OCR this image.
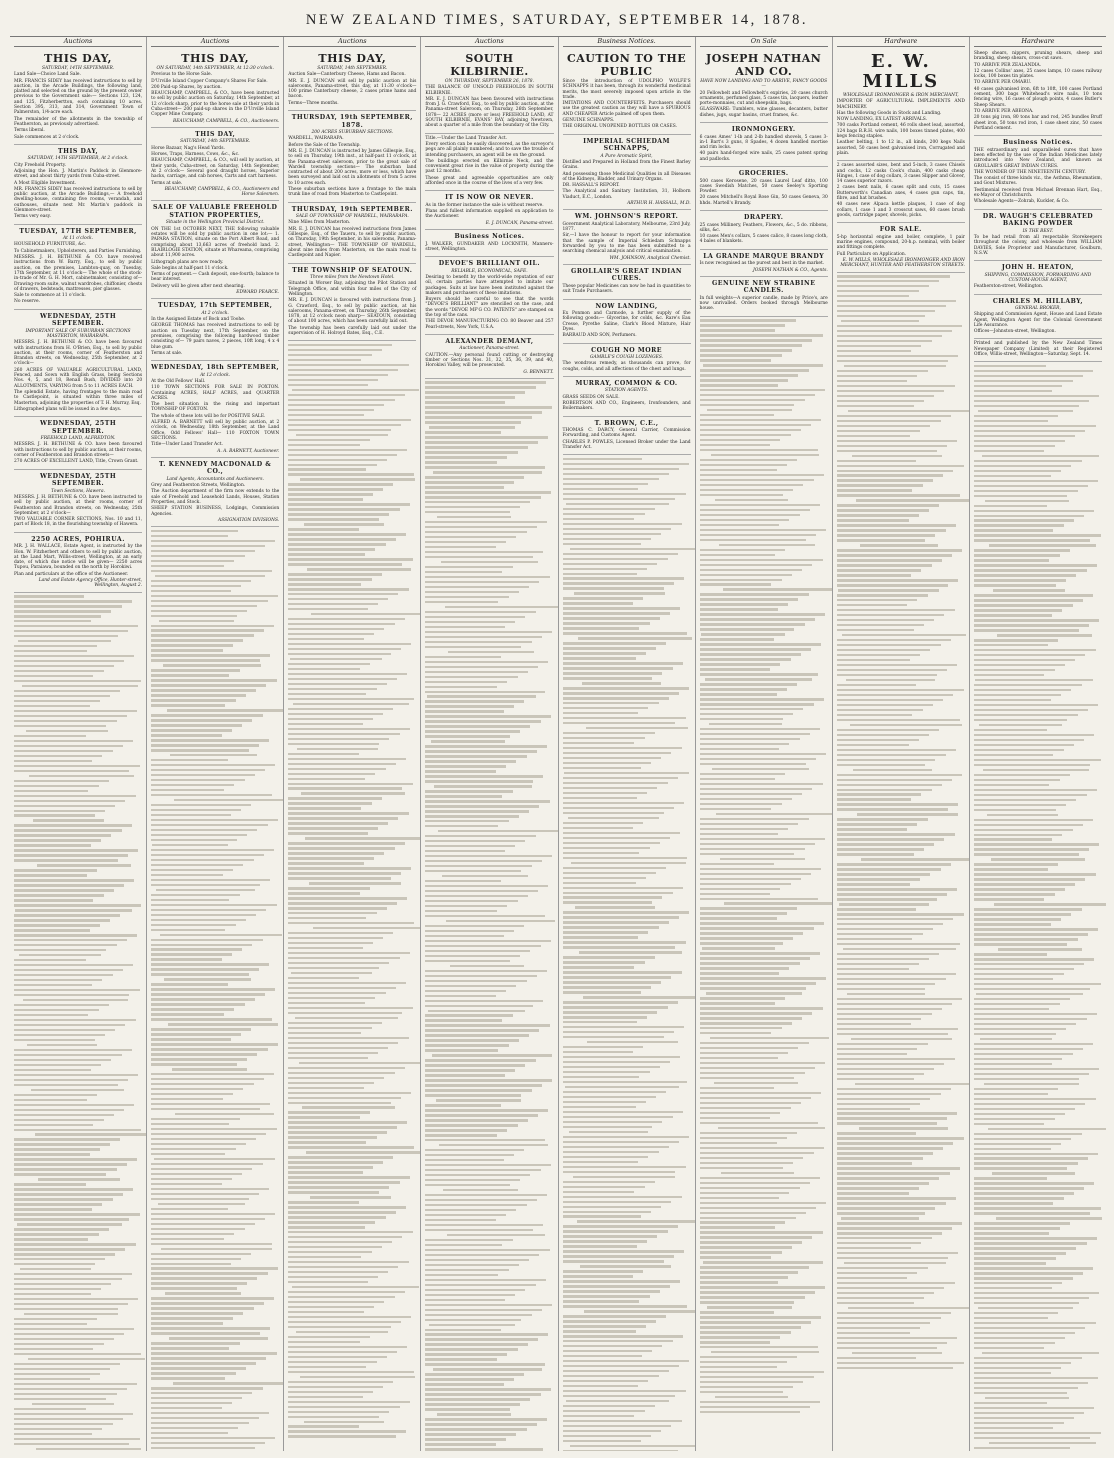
NEW ZEALAND TIMES, SATURDAY, SEPTEMBER 14, 1878.
Auctions
THIS DAY,
SATURDAY, 14TH SEPTEMBER.

Land Sale—Choice Land Sale.

MR. FRANCIS SIDEY has received instructions to sell by auction, in the Arcade Buildings, the following land, platted and selected on the ground by the present owner previous to the Government sale:— Sections 123, 124, and 125, Fitzherbertton, each containing 10 acres. Section 395, 313, and 314, Government Town of Palmerston, 1/4-acre each.

The remainder of the allotments in the township of Featherston, as previously advertised.

Terms liberal.

Sale commences at 2 o'clock.

THIS DAY,
SATURDAY, 14TH SEPTEMBER, At 2 o'clock.

City Freehold Property.

Adjoining the Hon. J. Martin's Paddock in Glenmore-street, and about thirty yards from Cuba-street.

A Most Eligible Investment.

MR. FRANCIS SIDEY has received instructions to sell by public auction, at the Arcade Buildings,— A freehold dwelling-house, containing five rooms, verandah, and outhouses, situate next Mr. Martin's paddock in Glenmore-street.

Terms very easy.

TUESDAY, 17TH SEPTEMBER,
At 11 o'clock.

HOUSEHOLD FURNITURE, &c.

To Cabinetmakers, Upholsterers, and Parties Furnishing.

MESSRS. J. H. BETHUNE & CO. have received instructions from W. Barry, Esq., to sell by public auction, on the premises, Lambton-quay, on Tuesday, 17th September, at 11 o'clock— The whole of the stock-in-trade of Mr. G. H. Mort, cabinetmaker, consisting of— Drawing-room suite, walnut wardrobes, chiffonier, chests of drawers, bedsteads, mattresses, pier glasses.

Sale to commence at 11 o'clock.

No reserve.

WEDNESDAY, 25TH SEPTEMBER.
IMPORTANT SALE OF SUBURBAN SECTIONS MASTERTON, WAIRARAPA.

MESSRS. J. H. BETHUNE & CO. have been favoured with instructions from H. O'Brien, Esq., to sell by public auction, at their rooms, corner of Featherston and Brandon streets, on Wednesday, 25th September, at 2 o'clock—

260 ACRES OF VALUABLE AGRICULTURAL LAND, Fenced, and Sown with English Grass, being Sections Nos. 4, 5, and 18, Renall Bush, DIVIDED into 20 ALLOTMENTS, VARYING from 5 to 11 ACRES EACH.

The splendid Estate, having frontages to the main road to Castlepoint, is situated within three miles of Masterton, adjoining the properties of T. H. Murray, Esq.

Lithographed plans will be issued in a few days.

WEDNESDAY, 25TH SEPTEMBER.
FREEHOLD LAND, ALFREDTON.

MESSRS. J. H. BETHUNE & CO. have been favoured with instructions to sell by public auction, at their rooms, corner of Featherston and Brandon streets—

270 ACRES OF EXCELLENT LAND, Title, Crown Grant.

WEDNESDAY, 25TH SEPTEMBER.
Town Sections, Hawera.

MESSRS. J. H. BETHUNE & CO. have been instructed to sell by public auction, at their rooms, corner of Featherston and Brandon streets, on Wednesday, 25th September, at 2 o'clock—

TWO VALUABLE CORNER SECTIONS, Nos. 10 and 11, part of Block 18, in the flourishing township of Hawera.

2250 ACRES, POHIRUA.

MR. J. H. WALLACE, Estate Agent, is instructed by the Hon. W. Fitzherbert and others to sell by public auction, at the Land Mart, Willis-street, Wellington, at an early date, of which due notice will be given— 2250 acres Tupou, Paraiawa, bounded on the north by Horokiwi.

Plan and particulars at the office of the Auctioneer.

Land and Estate Agency Office, Hunter-street, Wellington, August 2.
Auctions
THIS DAY,
ON SATURDAY, 14th SEPTEMBER, At 12:30 o'clock.

Previous to the Horse Sale.

D'Urville Island Copper Company's Shares For Sale.

200 Paid-up Shares, by auction.

BEAUCHAMP, CAMPBELL, & CO., have been instructed to sell by public auction on Saturday, 14th September, at 12 o'clock sharp, prior to the horse sale at their yards in Cuba-street— 200 paid-up shares in the D'Urville Island Copper Mine Company.

BEAUCHAMP, CAMPBELL, & CO., Auctioneers.
THIS DAY,
SATURDAY, 14th SEPTEMBER.

Horse Bazaar, Nag's Head Yards.

Horses, Traps, Harness, Cows, &c., &c.

BEAUCHAMP, CAMPBELL, & CO., will sell by auction, at their yards, Cuba-street, on Saturday, 14th September, At 2 o'clock— Several good draught horses, Superior hacks, carriage, and cab horses, Carts and cart harness.

Terms at sale.

BEAUCHAMP, CAMPBELL, & CO., Auctioneers and Horse Salesmen.
SALE OF VALUABLE FREEHOLD STATION PROPERTIES,
Situate in the Wellington Provincial District.

ON THE 1st OCTOBER NEXT, THE following valuable estates will be sold by public auction in one lot:— 1. PAPARA STATION, situate on the Port Albert Road, and comprising about 13,663 acres of freehold land. 2. BLAIRLOGIE STATION, situate at Whareama, comprising about 11,900 acres.

Lithograph plans are now ready.

Sale begins at half-past 11 o'clock.

Terms of payment.— Cash deposit, one-fourth; balance to bear interest.

Delivery will be given after next shearing.

EDWARD PEARCE.
TUESDAY, 17th SEPTEMBER,
At 2 o'clock.

In the Assigned Estate of Bock and Toohe.

GEORGE THOMAS has received instructions to sell by auction on Tuesday next, 17th September, on the premises, comprising the following hardwood timber consisting of— 79 pairs naves, 2 pieces, 10ft long, 4 x 4 blue gum.

Terms at sale.

WEDNESDAY, 18th SEPTEMBER,
At 12 o'clock.

At the Old Fellows' Hall.

110 TOWN SECTIONS FOR SALE IN FOXTON. Containing ACRES, HALF ACRES, and QUARTER ACRES.

The best situation in the rising and important TOWNSHIP OF FOXTON.

The whole of these lots will be for POSITIVE SALE.

ALFRED A. BARNETT will sell by public auction, at 2 o'clock, on Wednesday, 18th September, at the Land Office, Odd Fellows' Hall— 110 FOXTON TOWN SECTIONS.

Title—Under Land Transfer Act.

A. A. BARNETT, Auctioneer.
T. KENNEDY MACDONALD & CO.,
Land Agents, Accountants and Auctioneers.

Grey and Featherston Streets, Wellington.

The Auction department of the firm now extends to the sale of Freehold and Leasehold Lands, Houses, Station Properties, and Stock.

SHEEP STATION BUSINESS, Lodgings, Commission Agencies.

ASSIGNATION DIVISIONS.
Auctions
THIS DAY,
SATURDAY, 14th SEPTEMBER.

Auction Sale—Canterbury Cheese, Hams and Bacon.

MR. E. J. DUNCAN will sell by public auction at his salerooms, Panama-street, this day, at 11:30 o'clock— 100 prime Canterbury cheese, 2 cases prime hams and bacon.

Terms—Three months.

THURSDAY, 19th SEPTEMBER, 1878.
200 ACRES SUBURBAN SECTIONS.

WARDELL, WAIRARAPA.

Before the Sale of the Township.

MR. E. J. DUNCAN is instructed by James Gillespie, Esq., to sell on Thursday, 19th inst., at half-past 11 o'clock, at the Panama-street saleroom, prior to the great sale of Wardell township sections— The suburban land contracted of about 200 acres, more or less, which have been surveyed and laid out in allotments of from 5 acres to 10 acres each.

These suburban sections have a frontage to the main trunk line of road from Masterton to Castlepoint.

THURSDAY, 19th SEPTEMBER.
SALE OF TOWNSHIP OF WARDELL, WAIRARAPA.

Nine Miles from Masterton.

MR. E. J. DUNCAN has received instructions from James Gillespie, Esq., of the Taueru, to sell by public auction, on Thursday, 19th September, in his salerooms, Panama-street, Wellington— THE TOWNSHIP OF WARDELL, about nine miles from Masterton, on the main road to Castlepoint and Napier.

THE TOWNSHIP OF SEATOUN.
Three miles from the Newtown Hotel.

Situated in Worser Bay, adjoining the Pilot Station and Telegraph Office, and within four miles of the City of Wellington.

MR. E. J. DUNCAN is favoured with instructions from J. G. Crawford, Esq., to sell by public auction, at his salerooms, Panama-street, on Thursday, 26th September, 1878, at 12 o'clock noon sharp— SEATOUN, consisting of about 100 acres, which has been carefully laid out.

The township has been carefully laid out under the supervision of H. Holroyd Bates, Esq., C.E.

Auctions
SOUTH KILBIRNIE.
ON THURSDAY, SEPTEMBER 26, 1878.

THE BALANCE OF UNSOLD FREEHOLDS IN SOUTH KILBIRNIE.

MR. E. J. DUNCAN has been favoured with instructions from J. G. Crawford, Esq., to sell by public auction, at the Panama-street Saleroom, on Thursday, 26th September, 1878— 22 ACRES (more or less) FREEHOLD LAND, AT SOUTH KILBIRNIE, EVANS' BAY, adjoining Newtown, about a quarter of a mile from the boundary of the City.

Title.—Under the Land Transfer Act.

Every section can be easily discovered, as the surveyor's pegs are all plainly numbered; and to save the trouble of intending purchasers, an agent will be on the ground.

The buildings erected on Kilbirnie Neck, and the convenient great rise in the value of property during the past 12 months.

These great and agreeable opportunities are only afforded once in the course of the lives of a very few.

IT IS NOW OR NEVER.

As in the former instance the sale is without reserve.

Plans and fullest information supplied on application to the Auctioneer.

E. J. DUNCAN, Panama-street.
Business Notices.

J. WALKER, GUNDAKER AND LOCKNITH, Manners-street, Wellington.

DEVOE'S BRILLIANT OIL.
RELIABLE, ECONOMICAL, SAFE.

Desiring to benefit by the world-wide reputation of our oil, certain parties have attempted to imitate our packages. Suits at law have been instituted against the makers and purchasers of these imitations.

Buyers should be careful to see that the words "DEVOE'S BRILLIANT" are stencilled on the case, and the words "DEVOE MF'G CO. PATENTS" are stamped on the top of the cans.

THE DEVOE MANUFACTURING CO. 80 Beaver and 257 Pearl-streets, New York, U.S.A.

ALEXANDER DEMANT,
Auctioneer, Panama-street.

CAUTION.—Any personal found cutting or destroying timber or Sections Nos. 31, 32, 35, 36, 39, and 40, Horokiwi Valley, will be prosecuted.

G. BENNETT.
Business Notices.
CAUTION TO THE PUBLIC

Since the introduction of UDOLPHO WOLFE'S SCHNAPPS it has been, through its wonderful medicinal merits, the most severely imposed upon article in the trade.

IMITATIONS AND COUNTERFEITS. Purchasers should use the greatest caution as they will have a SPURIOUS AND CHEAPER Article palmed off upon them.

GENUINE SCHNAPPS.

THE ORIGINAL UNOPENED BOTTLES OR CASES.

IMPERIAL SCHIEDAM SCHNAPPS,
A Pure Aromatic Spirit,

Distilled and Prepared in Holland from the Finest Barley Grains.

And possessing those Medicinal Qualities in all Diseases of the Kidneys, Bladder, and Urinary Organs.

DR. HASSALL'S REPORT.

The Analytical and Sanitary Institution, 31, Holborn Viaduct, E.C., London.

ARTHUR H. HASSALL, M.D.
WM. JOHNSON'S REPORT.

Government Analytical Laboratory, Melbourne, 23rd July, 1877.

Sir,—I have the honour to report for your information that the sample of Imperial Schiedam Schnapps forwarded by you to me has been submitted to a searching chemical analysis and critical examination.

WM. JOHNSON, Analytical Chemist.
GROLLAIR'S GREAT INDIAN CURES.

These popular Medicines can now be had in quantities to suit Trade Purchasers.

NOW LANDING,

Ex Ponmon and Carmode, a further supply of the following goods:— Glycerine, for colds, &c. Rare's Eau Cresse, Pyrethe Saline, Clark's Blood Mixture, Hair Dyes.

BARRAUD AND SON, Perfumers.

COUGH NO MORE
GAMBLE'S COUGH LOZENGES.

The wondrous remedy, as thousands can prove, for coughs, colds, and all affections of the chest and lungs.

MURRAY, COMMON & CO.
STATION AGENTS.

GRASS SEEDS ON SALE.

ROBERTSON AND CO., Engineers, Ironfounders, and Boilermakers.

T. BROWN, C.E.,

THOMAS C. DARCY, General Carrier, Commission Forwarding, and Customs Agent.

CHARLES P. POWLES, Licensed Broker under the Land Transfer Act.

On Sale
JOSEPH NATHAN AND CO.
HAVE NOW LANDING AND TO ARRIVE, FANCY GOODS—

20 Fellowbelt and Fellowbelt's expiries, 20 cases church ornaments, perfumed glass, 5 cases tin, lacquers, leather porte-monnaies, cut and sheepskin, bags.

GLASSWARE: Tumblers, wine glasses, decanters, butter dishes, jugs, sugar basins, cruet frames, &c.

IRONMONGERY.

6 cases Ames' 1-lb and 2-lb handled shovels, 5 cases 3-in-1 Bart's 3 guns, 8 Spades, 4 dozen handled mortise and rim locks.

40 pairs hand-forged wire nails, 25 cases patent spring and padlocks.

GROCERIES.

500 cases Kerosene, 20 cases Laurel Leaf ditto, 100 cases Swedish Matches, 50 cases Seeley's Sporting Powder.

20 cases Mitchell's Royal Rose Gin, 50 cases Geneva, 30 hhds. Martell's Brandy.

DRAPERY.

25 cases Millinery, Feathers, Flowers, &c., 5 do. ribbons, silks, &c.

10 cases Men's collars, 5 cases calico, 8 cases long cloth, 4 bales of blankets.

LA GRANDE MARQUE BRANDY

Is now recognised as the purest and best in the market.

JOSEPH NATHAN & CO., Agents.
GENUINE NEW STRABINE CANDLES.

In full weights—A superior candle, made by Price's, are now unrivalled. Orders booked through Melbourne house.

Hardware
E. W. MILLS
WHOLESALE IRONMONGER & IRON MERCHANT,

IMPORTER OF AGRICULTURAL IMPLEMENTS AND MACHINERY.

Has the following Goods in Stock and Landing.

NOW LANDING, EX LATEST ARRIVALS.

700 casks Portland cement, 46 rolls sheet lead, assorted, 124 bags B.R.H. wire nails, 100 boxes tinned plates, 400 kegs fencing staples.

Leather belting, 1 to 12 in., all kinds, 200 kegs Nails assorted, 50 cases best galvanised iron, Corrugated and plain.

2 cases assorted sizes, bent and 5-inch, 3 cases Chisels and cocks, 12 casks Cook's chain, 400 casks cheap Hinges, 1 case of dog collars, 3 cases Slipper and Glover, 14 cases superior razors.

2 cases bent nails, 6 cases split and cuts, 15 cases Butterworth's Canadian axes, 4 cases gun caps, tin, fibre, and hat brushes.

40 cases new Alpaca kettle plaques, 1 case of dog collars, 1 case 1 and 3 crosscut saws, 60 cases brush goods, cartridge paper, shovels, picks.

FOR SALE.

5-hp horizontal engine and boiler, complete, 1 pair marine engines, compound, 20-h.p. nominal, with boiler and fittings complete.

Full Particulars on Application.

E. W. MILLS, WHOLESALE IRONMONGER AND IRON MERCHANT, HUNTER AND FEATHERSTON STREETS.
Hardware

Sheep shears, nippers, pruning shears, sheep and branding, sheep shears, cross-cut saws.

TO ARRIVE PER ZEALANDIA.

12 cases Collins' axes, 25 cases lamps, 10 cases railway locks, 100 boxes tin plates.

TO ARRIVE PER OMARU.

40 cases galvanised iron, 6ft to 10ft, 100 cases Portland cement, 300 bags Whitehead's wire nails, 10 tons fencing wire, 16 cases of plough points, 4 cases Butler's Sheep Shears.

TO ARRIVE PER ABEONA.

20 tons pig iron, 80 tons bar and rod, 245 bundles Bruff sheet iron, 50 tons rod iron, 1 case sheet zinc, 50 cases Portland cement.

Business Notices.

THE extraordinary and unparalleled cures that have been effected by the use of the Indian Medicines lately introduced into New Zealand, and known as GROLLAIR'S GREAT INDIAN CURES.

THE WONDER OF THE NINETEENTH CENTURY.

The consist of three kinds viz., the Asthma, Rheumatism, and Gout Mixtures.

Testimonial received from Michael Brennan Hart, Esq., ex-Mayor of Christchurch.

Wholesale Agents—Zohrab, Kuckler, & Co.

DR. WAUGH'S CELEBRATED BAKING POWDER
IS THE BEST.

To be had retail from all respectable Storekeepers throughout the colony, and wholesale from WILLIAM DAVIES, Sole Proprietor and Manufacturer, Goulburn, N.S.W.

JOHN H. HEATON,
SHIPPING, COMMISSION, FORWARDING AND CUSTOM-HOUSE AGENT,

Featherston-street, Wellington.

CHARLES M. HILLABY,
GENERAL BROKER,

Shipping and Commission Agent, House and Land Estate Agent, Wellington Agent for the Colonial Government Life Assurance.

Offices—Johnston-street, Wellington.

Printed and published by the New Zealand Times Newspaper Company (Limited) at their Registered Office, Willis-street, Wellington—Saturday, Sept. 14.
